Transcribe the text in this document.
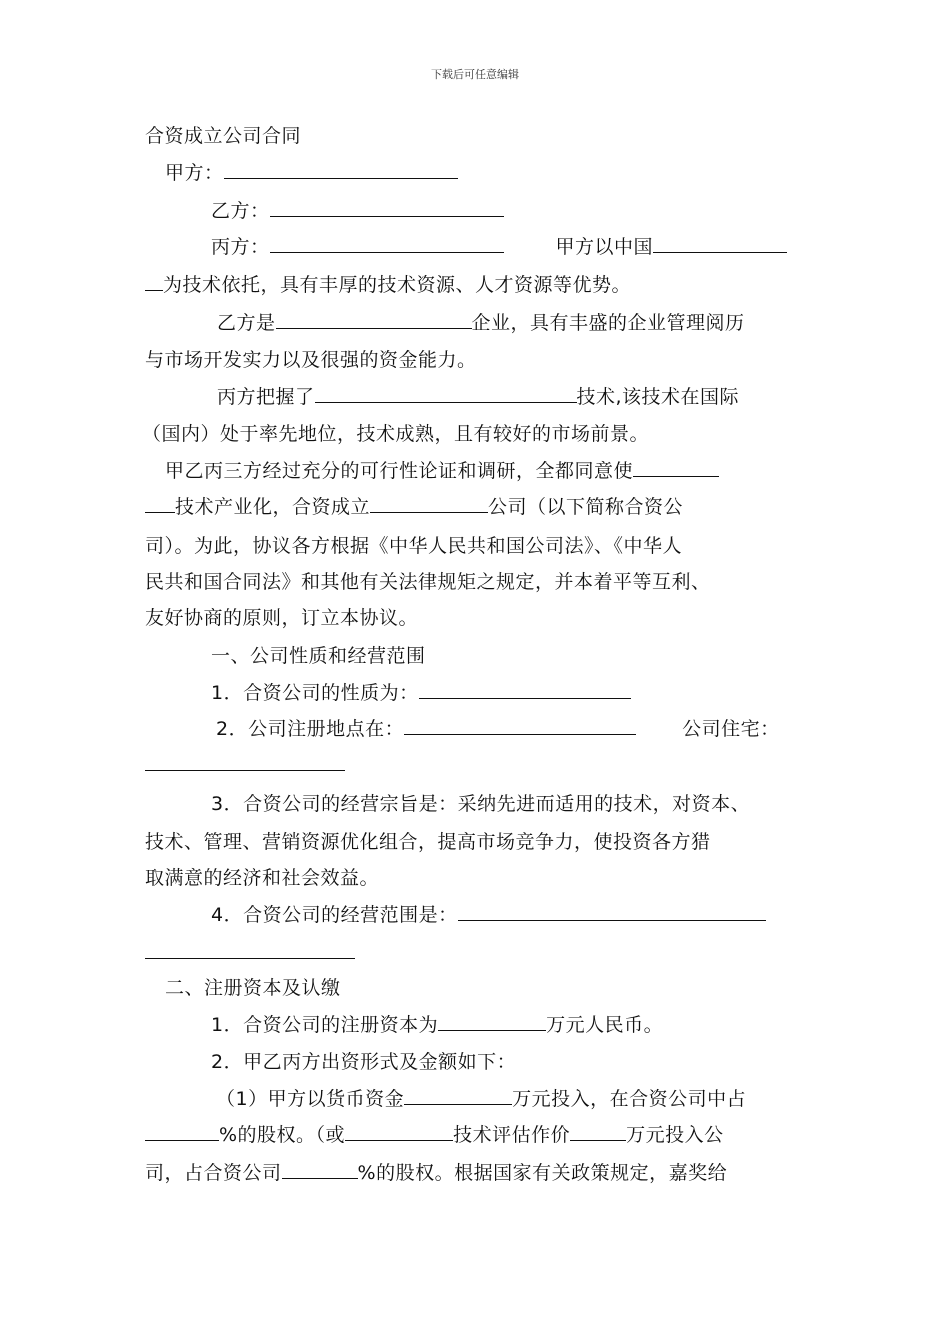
下载后可任意编辑
合资成立公司合同
甲方：
乙方：
丙方：	甲方以中国
为技术依托，具有丰厚的技术资源、人才资源等优势。
乙方是	企业，具有丰盛的企业管理阅历
与市场开发实力以及很强的资金能力。
丙方把握了	技术,该技术在国际
（国内）处于率先地位，技术成熟，且有较好的市场前景。
甲乙丙三方经过充分的可行性论证和调研，全都同意使
技术产业化，合资成立	公司（以下简称合资公
司）。为此，协议各方根据《中华人民共和国公司法》、《中华人
民共和国合同法》和其他有关法律规矩之规定，并本着平等互利、
友好协商的原则，订立本协议。
一、公司性质和经营范围
1．合资公司的性质为：
2．公司注册地点在：	公司住宅：
3．合资公司的经营宗旨是：采纳先进而适用的技术，对资本、
技术、管理、营销资源优化组合，提高市场竞争力，使投资各方猎
取满意的经济和社会效益。
4．合资公司的经营范围是：
二、注册资本及认缴
1．合资公司的注册资本为	万元人民币。
2．甲乙丙方出资形式及金额如下：
（1）甲方以货币资金	万元投入，在合资公司中占
%的股权。（或	技术评估作价	万元投入公
司，占合资公司	%的股权。根据国家有关政策规定，嘉奖给
